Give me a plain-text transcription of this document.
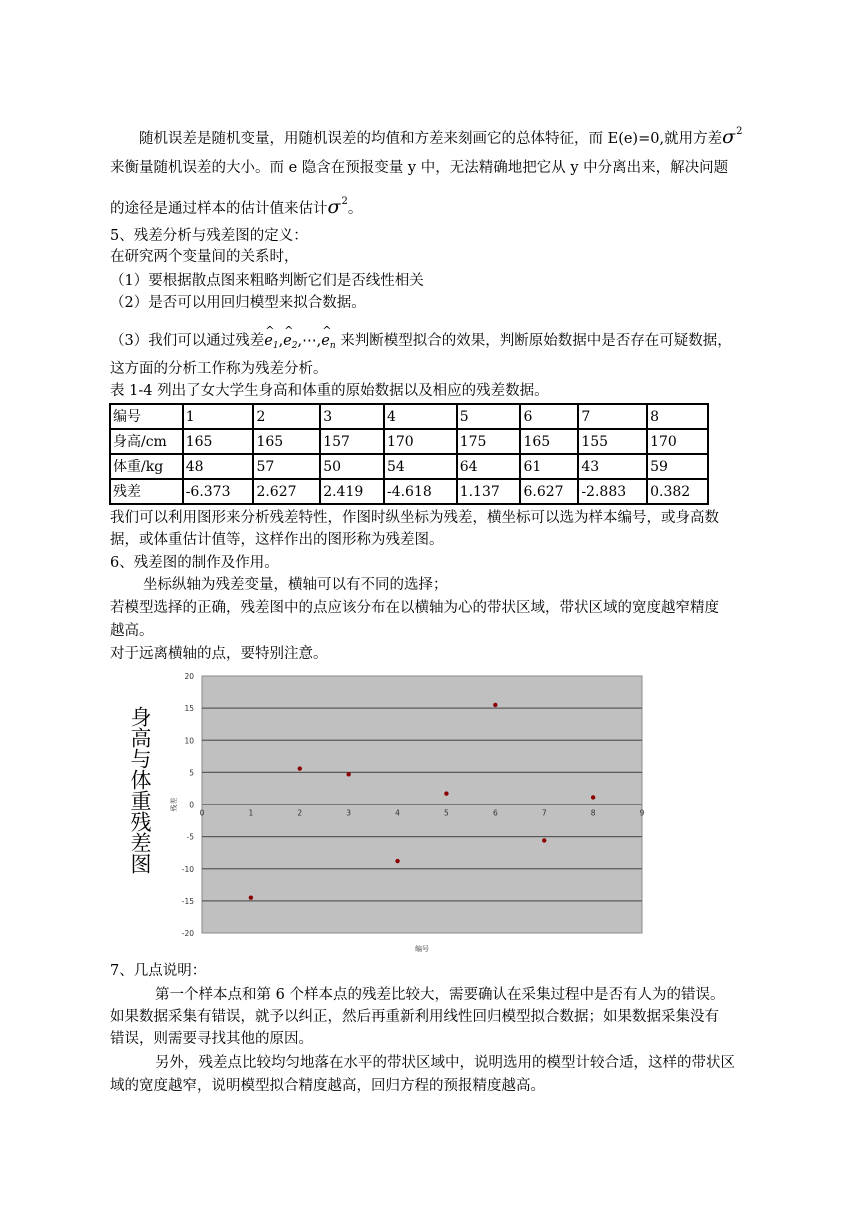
随机误差是随机变量，用随机误差的均值和方差来刻画它的总体特征，而 E(e)=0,就用方差$\sigma^2$
来衡量随机误差的大小。而 e 隐含在预报变量 y 中，无法精确地把它从 y 中分离出来，解决问题
的途径是通过样本的估计值来估计$\sigma^2$。
5、残差分析与残差图的定义：
在研究两个变量间的关系时，
（1）要根据散点图来粗略判断它们是否线性相关
（2）是否可以用回归模型来拟合数据。
（3）我们可以通过残差
^
$e_1$,
^
$e_2,\cdots$,
^
$e_n$ 来判断模型拟合的效果，判断原始数据中是否存在可疑数据，
这方面的分析工作称为残差分析。
表 1-4 列出了女大学生身高和体重的原始数据以及相应的残差数据。
编号	1	2	3	4	5	6	7	8
身高/cm	165	165	157	170	175	165	155	170
体重/kg	48	57	50	54	64	61	43	59
残差	-6.373	2.627	2.419	-4.618	1.137	6.627	-2.883	0.382
我们可以利用图形来分析残差特性，作图时纵坐标为残差，横坐标可以选为样本编号，或身高数
据，或体重估计值等，这样作出的图形称为残差图。
6、残差图的制作及作用。
坐标纵轴为残差变量，横轴可以有不同的选择；
若模型选择的正确，残差图中的点应该分布在以横轴为心的带状区域，带状区域的宽度越窄精度
越高。
对于远离横轴的点，要特别注意。
身高与体重残差图
20
15
10
5
0
-5
-10
-15
-20
0	1	2	3	4	5	6	7	8	9
编号
残差
7、几点说明：
第一个样本点和第 6 个样本点的残差比较大，需要确认在采集过程中是否有人为的错误。
如果数据采集有错误，就予以纠正，然后再重新利用线性回归模型拟合数据；如果数据采集没有
错误，则需要寻找其他的原因。
另外，残差点比较均匀地落在水平的带状区域中，说明选用的模型计较合适，这样的带状区
域的宽度越窄，说明模型拟合精度越高，回归方程的预报精度越高。
